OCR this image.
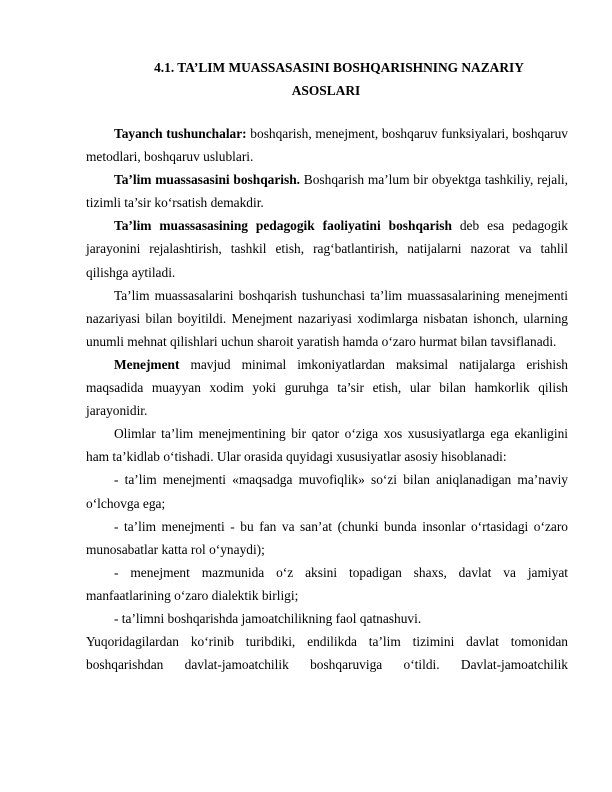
4.1. TA’LIM MUASSASASINI BOSHQARISHNING NAZARIY
ASOSLARI

Tayanch tushunchalar: boshqarish, menejment, boshqaruv funksiyalari, boshqaruv metodlari, boshqaruv uslublari.

Ta’lim muassasasini boshqarish. Boshqarish ma’lum bir obyektga tashkiliy, rejali, tizimli ta’sir ko‘rsatish demakdir.

Ta’lim muassasasining pedagogik faoliyatini boshqarish deb esa pedagogik jarayonini rejalashtirish, tashkil etish, rag‘batlantirish, natijalarni nazorat va tahlil qilishga aytiladi.

Ta’lim muassasalarini boshqarish tushunchasi ta’lim muassasalarining menejmenti nazariyasi bilan boyitildi. Menejment nazariyasi xodimlarga nisbatan ishonch, ularning unumli mehnat qilishlari uchun sharoit yaratish hamda o‘zaro hurmat bilan tavsiflanadi.

Menejment mavjud minimal imkoniyatlardan maksimal natijalarga erishish maqsadida muayyan xodim yoki guruhga ta’sir etish, ular bilan hamkorlik qilish jarayonidir.

Olimlar ta’lim menejmentining bir qator o‘ziga xos xususiyatlarga ega ekanligini ham ta’kidlab o‘tishadi. Ular orasida quyidagi xususiyatlar asosiy hisoblanadi:

- ta’lim menejmenti «maqsadga muvofiqlik» so‘zi bilan aniqlanadigan ma’naviy o‘lchovga ega;

- ta’lim menejmenti - bu fan va san’at (chunki bunda insonlar o‘rtasidagi o‘zaro munosabatlar katta rol o‘ynaydi);

- menejment mazmunida o‘z aksini topadigan shaxs, davlat va jamiyat manfaatlarining o‘zaro dialektik birligi;

- ta’limni boshqarishda jamoatchilikning faol qatnashuvi.

Yuqoridagilardan ko‘rinib turibdiki, endilikda ta’lim tizimini davlat tomonidan boshqarishdan davlat-jamoatchilik boshqaruviga o‘tildi. Davlat-jamoatchilik
